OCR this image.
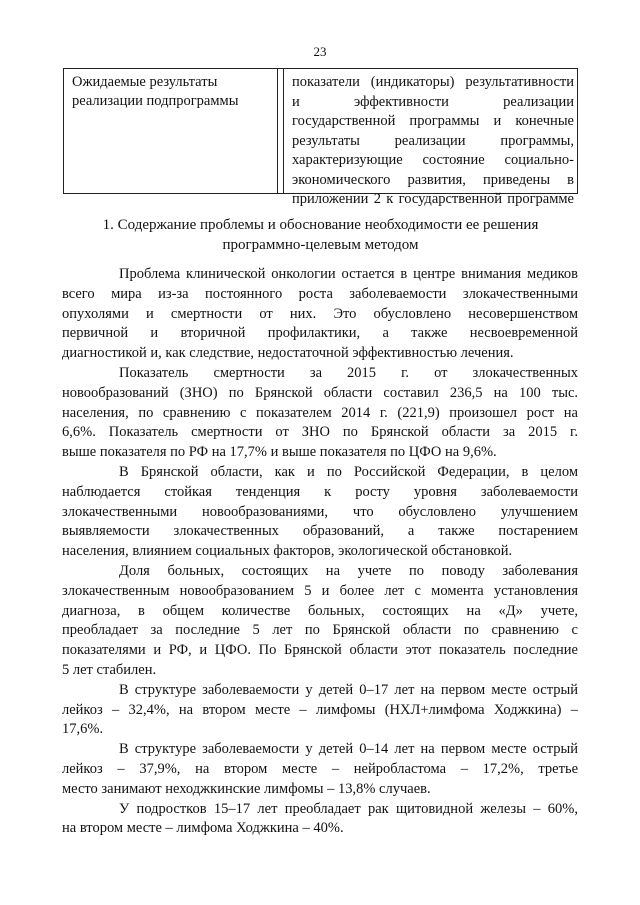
23
Ожидаемые результаты
реализации подпрограммы
показатели (индикаторы) результативности
и эффективности реализации
государственной программы и конечные
результаты реализации программы,
характеризующие состояние социально-
экономического развития, приведены в
приложении 2 к государственной программе
1. Содержание проблемы и обоснование необходимости ее решения
программно-целевым методом
Проблема клинической онкологии остается в центре внимания медиков
всего мира из-за постоянного роста заболеваемости злокачественными
опухолями и смертности от них. Это обусловлено несовершенством
первичной и вторичной профилактики, а также несвоевременной
диагностикой и, как следствие, недостаточной эффективностью лечения.
Показатель смертности за 2015 г. от злокачественных
новообразований (ЗНО) по Брянской области составил 236,5 на 100 тыс.
населения, по сравнению с показателем 2014 г. (221,9) произошел рост на
6,6%. Показатель смертности от ЗНО по Брянской области за 2015 г.
выше показателя по РФ на 17,7% и выше показателя по ЦФО на 9,6%.
В Брянской области, как и по Российской Федерации, в целом
наблюдается стойкая тенденция к росту уровня заболеваемости
злокачественными новообразованиями, что обусловлено улучшением
выявляемости злокачественных образований, а также постарением
населения, влиянием социальных факторов, экологической обстановкой.
Доля больных, состоящих на учете по поводу заболевания
злокачественным новообразованием 5 и более лет с момента установления
диагноза, в общем количестве больных, состоящих на «Д» учете,
преобладает за последние 5 лет по Брянской области по сравнению с
показателями и РФ, и ЦФО. По Брянской области этот показатель последние
5 лет стабилен.
В структуре заболеваемости у детей 0–17 лет на первом месте острый
лейкоз – 32,4%, на втором месте – лимфомы (НХЛ+лимфома Ходжкина) –
17,6%.
В структуре заболеваемости у детей 0–14 лет на первом месте острый
лейкоз – 37,9%, на втором месте – нейробластома – 17,2%, третье
место занимают неходжкинские лимфомы – 13,8% случаев.
У подростков 15–17 лет преобладает рак щитовидной железы – 60%,
на втором месте – лимфома Ходжкина – 40%.
